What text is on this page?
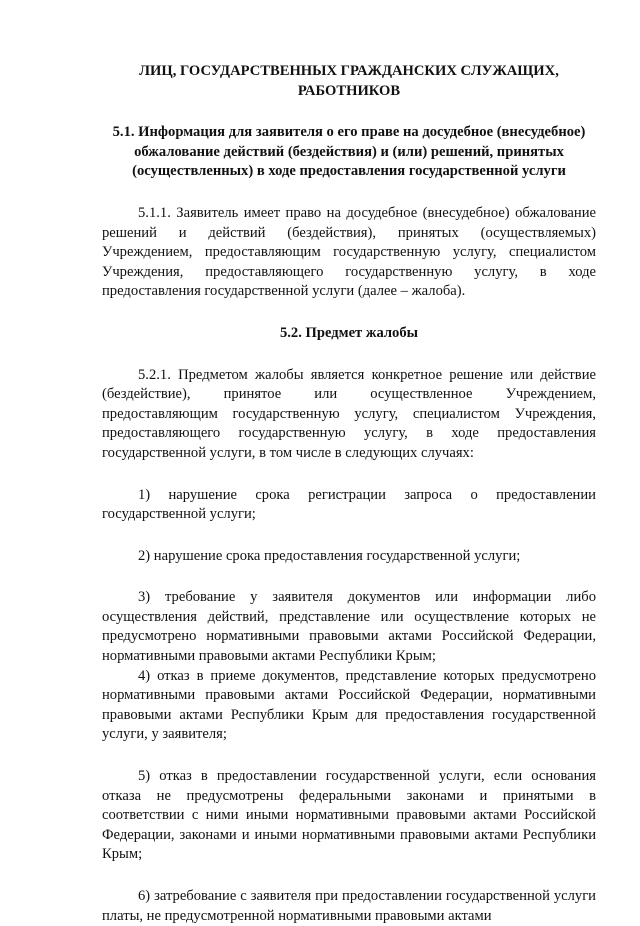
ЛИЦ, ГОСУДАРСТВЕННЫХ ГРАЖДАНСКИХ СЛУЖАЩИХ, РАБОТНИКОВ
5.1. Информация для заявителя о его праве на досудебное (внесудебное) обжалование действий (бездействия) и (или) решений, принятых (осуществленных) в ходе предоставления государственной услуги

5.1.1. Заявитель имеет право на досудебное (внесудебное) обжалование решений и действий (бездействия), принятых (осуществляемых) Учреждением, предоставляющим государственную услугу, специалистом Учреждения, предоставляющего государственную услугу, в ходе предоставления государственной услуги (далее – жалоба).

5.2. Предмет жалобы

5.2.1. Предметом жалобы является конкретное решение или действие (бездействие), принятое или осуществленное Учреждением, предоставляющим государственную услугу, специалистом Учреждения, предоставляющего государственную услугу, в ходе предоставления государственной услуги, в том числе в следующих случаях:

1) нарушение срока регистрации запроса о предоставлении государственной услуги;

2) нарушение срока предоставления государственной услуги;

3) требование у заявителя документов или информации либо осуществления действий, представление или осуществление которых не предусмотрено нормативными правовыми актами Российской Федерации, нормативными правовыми актами Республики Крым;

4) отказ в приеме документов, представление которых предусмотрено нормативными правовыми актами Российской Федерации, нормативными правовыми актами Республики Крым для предоставления государственной услуги, у заявителя;

5) отказ в предоставлении государственной услуги, если основания отказа не предусмотрены федеральными законами и принятыми в соответствии с ними иными нормативными правовыми актами Российской Федерации, законами и иными нормативными правовыми актами Республики Крым;

6) затребование с заявителя при предоставлении государственной услуги платы, не предусмотренной нормативными правовыми актами
